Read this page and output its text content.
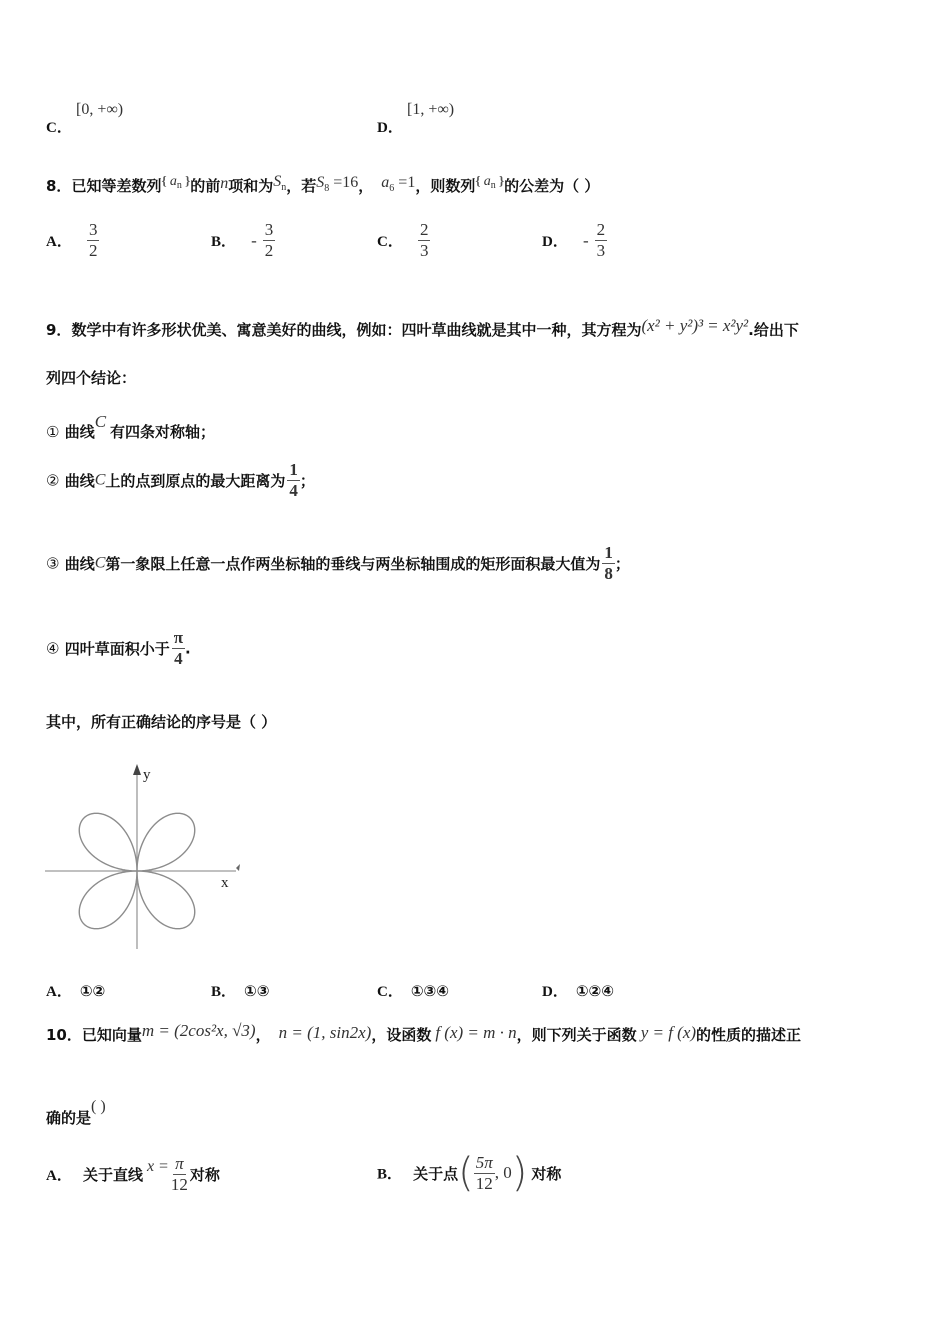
C．
[0, +∞)
D．
[1, +∞)
8．已知等差数列{ $a_n$ }的前n项和为Sn，若S8 =16， a6 =1，则数列{ $a_n$ }的公差为（ ）
A． $\frac{3}{2}$	B． - $\frac{3}{2}$	C． $\frac{2}{3}$	D． - $\frac{2}{3}$
9．数学中有许多形状优美、寓意美好的曲线，例如：四叶草曲线就是其中一种，其方程为(x² + y²)³ = x²y².给出下
列四个结论：
① 曲线C有四条对称轴；
② 曲线C上的点到原点的最大距离为 $\frac{1}{4}$ ；
③ 曲线C第一象限上任意一点作两坐标轴的垂线与两坐标轴围成的矩形面积最大值为 $\frac{1}{8}$ ；
④ 四叶草面积小于 $\frac{\pi}{4}$ .
其中，所有正确结论的序号是（ ）
y
x
A． ①②	B． ①③	C． ①③④	D． ①②④
10．已知向量m = (2cos²x, √3)， n = (1, sin2x)，设函数 f (x) = m · n，则下列关于函数 y = f (x)的性质的描述正
确的是( )
A． 关于直线 $x = \frac{\pi}{12}$ 对称	B． 关于点( $\frac{5\pi}{12}$ , 0) 对称
